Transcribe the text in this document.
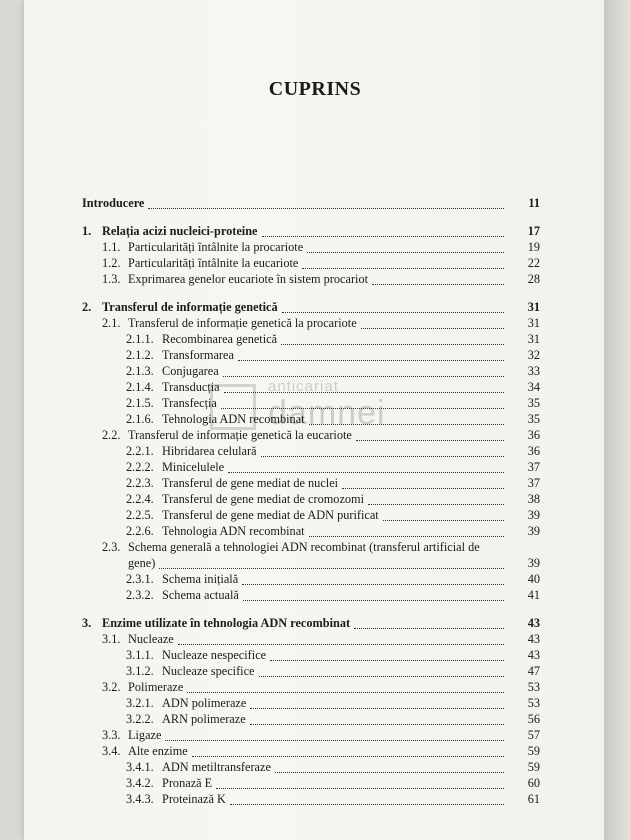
CUPRINS
anticariat
damnei
Introducere	11
1. Relația acizi nucleici-proteine	17
1.1. Particularități întâlnite la procariote	19
1.2. Particularități întâlnite la eucariote	22
1.3. Exprimarea genelor eucariote în sistem procariot	28
2. Transferul de informație genetică	31
2.1. Transferul de informație genetică la procariote	31
2.1.1. Recombinarea genetică	31
2.1.2. Transformarea	32
2.1.3. Conjugarea	33
2.1.4. Transducția	34
2.1.5. Transfecția	35
2.1.6. Tehnologia ADN recombinat	35
2.2. Transferul de informație genetică la eucariote	36
2.2.1. Hibridarea celulară	36
2.2.2. Minicelulele	37
2.2.3. Transferul de gene mediat de nuclei	37
2.2.4. Transferul de gene mediat de cromozomi	38
2.2.5. Transferul de gene mediat de ADN purificat	39
2.2.6. Tehnologia ADN recombinat	39
2.3. Schema generală a tehnologiei ADN recombinat (transferul artificial de
gene)	39
2.3.1. Schema inițială	40
2.3.2. Schema actuală	41
3. Enzime utilizate în tehnologia ADN recombinat	43
3.1. Nucleaze	43
3.1.1. Nucleaze nespecifice	43
3.1.2. Nucleaze specifice	47
3.2. Polimeraze	53
3.2.1. ADN polimeraze	53
3.2.2. ARN polimeraze	56
3.3. Ligaze	57
3.4. Alte enzime	59
3.4.1. ADN metiltransferaze	59
3.4.2. Pronază E	60
3.4.3. Proteinază K	61
